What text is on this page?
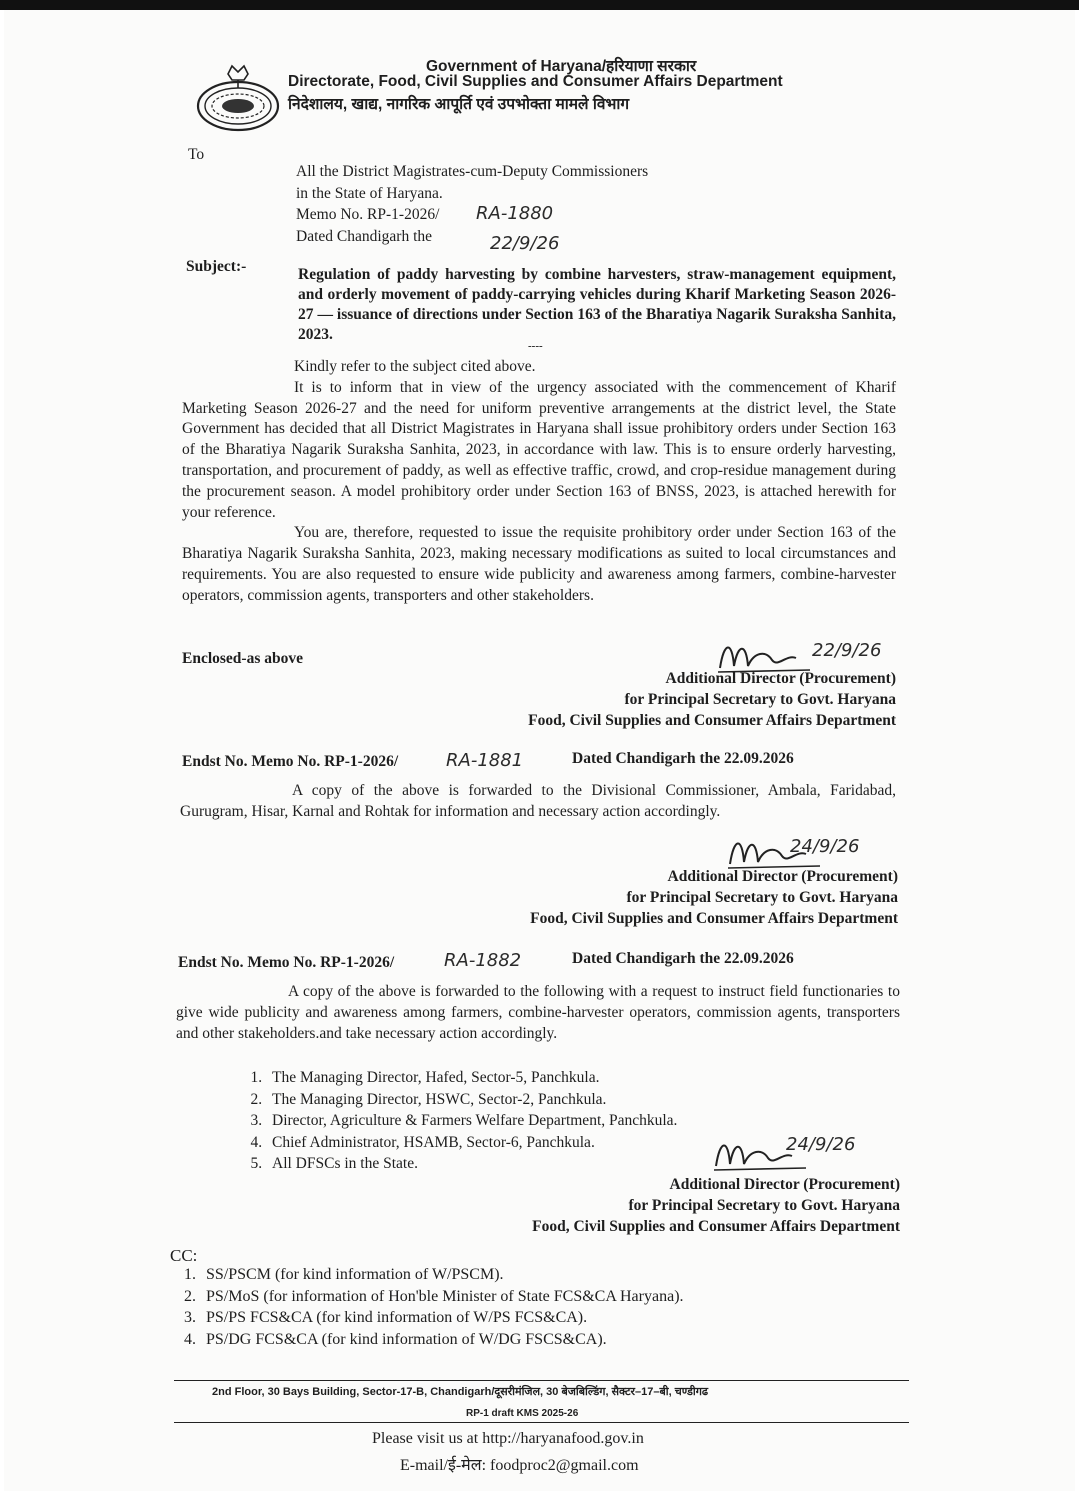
Government of Haryana/हरियाणा सरकार
Directorate, Food, Civil Supplies and Consumer Affairs Department
निदेशालय, खाद्य, नागरिक आपूर्ति एवं उपभोक्ता मामले विभाग
To
All the District Magistrates-cum-Deputy Commissioners
in the State of Haryana.
Memo No. RP-1-2026/ RA-1880
Dated Chandigarh the	22/9/26
Subject:-	Regulation of paddy harvesting by combine harvesters, straw-management equipment, and orderly movement of paddy-carrying vehicles during Kharif Marketing Season 2026-27 — issuance of directions under Section 163 of the Bharatiya Nagarik Suraksha Sanhita, 2023.
----

Kindly refer to the subject cited above.

It is to inform that in view of the urgency associated with the commencement of Kharif Marketing Season 2026-27 and the need for uniform preventive arrangements at the district level, the State Government has decided that all District Magistrates in Haryana shall issue prohibitory orders under Section 163 of the Bharatiya Nagarik Suraksha Sanhita, 2023, in accordance with law. This is to ensure orderly harvesting, transportation, and procurement of paddy, as well as effective traffic, crowd, and crop-residue management during the procurement season. A model prohibitory order under Section 163 of BNSS, 2023, is attached herewith for your reference.

You are, therefore, requested to issue the requisite prohibitory order under Section 163 of the Bharatiya Nagarik Suraksha Sanhita, 2023, making necessary modifications as suited to local circumstances and requirements. You are also requested to ensure wide publicity and awareness among farmers, combine-harvester operators, commission agents, transporters and other stakeholders.

Enclosed-as above	22/9/26
Additional Director (Procurement)
for Principal Secretary to Govt. Haryana
Food, Civil Supplies and Consumer Affairs Department
Endst No. Memo No. RP-1-2026/	RA-1881	Dated Chandigarh the 22.09.2026
A copy of the above is forwarded to the Divisional Commissioner, Ambala, Faridabad, Gurugram, Hisar, Karnal and Rohtak for information and necessary action accordingly.
24/9/26
Additional Director (Procurement)
for Principal Secretary to Govt. Haryana
Food, Civil Supplies and Consumer Affairs Department
Endst No. Memo No. RP-1-2026/	RA-1882	Dated Chandigarh the 22.09.2026
A copy of the above is forwarded to the following with a request to instruct field functionaries to give wide publicity and awareness among farmers, combine-harvester operators, commission agents, transporters and other stakeholders.and take necessary action accordingly.
1. The Managing Director, Hafed, Sector-5, Panchkula.
2. The Managing Director, HSWC, Sector-2, Panchkula.
3. Director, Agriculture & Farmers Welfare Department, Panchkula.
4. Chief Administrator, HSAMB, Sector-6, Panchkula.
5. All DFSCs in the State.
24/9/26
Additional Director (Procurement)
for Principal Secretary to Govt. Haryana
Food, Civil Supplies and Consumer Affairs Department
CC:
1. SS/PSCM (for kind information of W/PSCM).
2. PS/MoS (for information of Hon'ble Minister of State FCS&CA Haryana).
3. PS/PS FCS&CA (for kind information of W/PS FCS&CA).
4. PS/DG FCS&CA (for kind information of W/DG FSCS&CA).
2nd Floor, 30 Bays Building, Sector-17-B, Chandigarh/दूसरीमंजिल, 30 बेजबिल्डिंग, सैक्टर–17–बी, चण्डीगढ
RP-1 draft KMS 2025-26
Please visit us at http://haryanafood.gov.in
E-mail/ई-मेल: foodproc2@gmail.com
